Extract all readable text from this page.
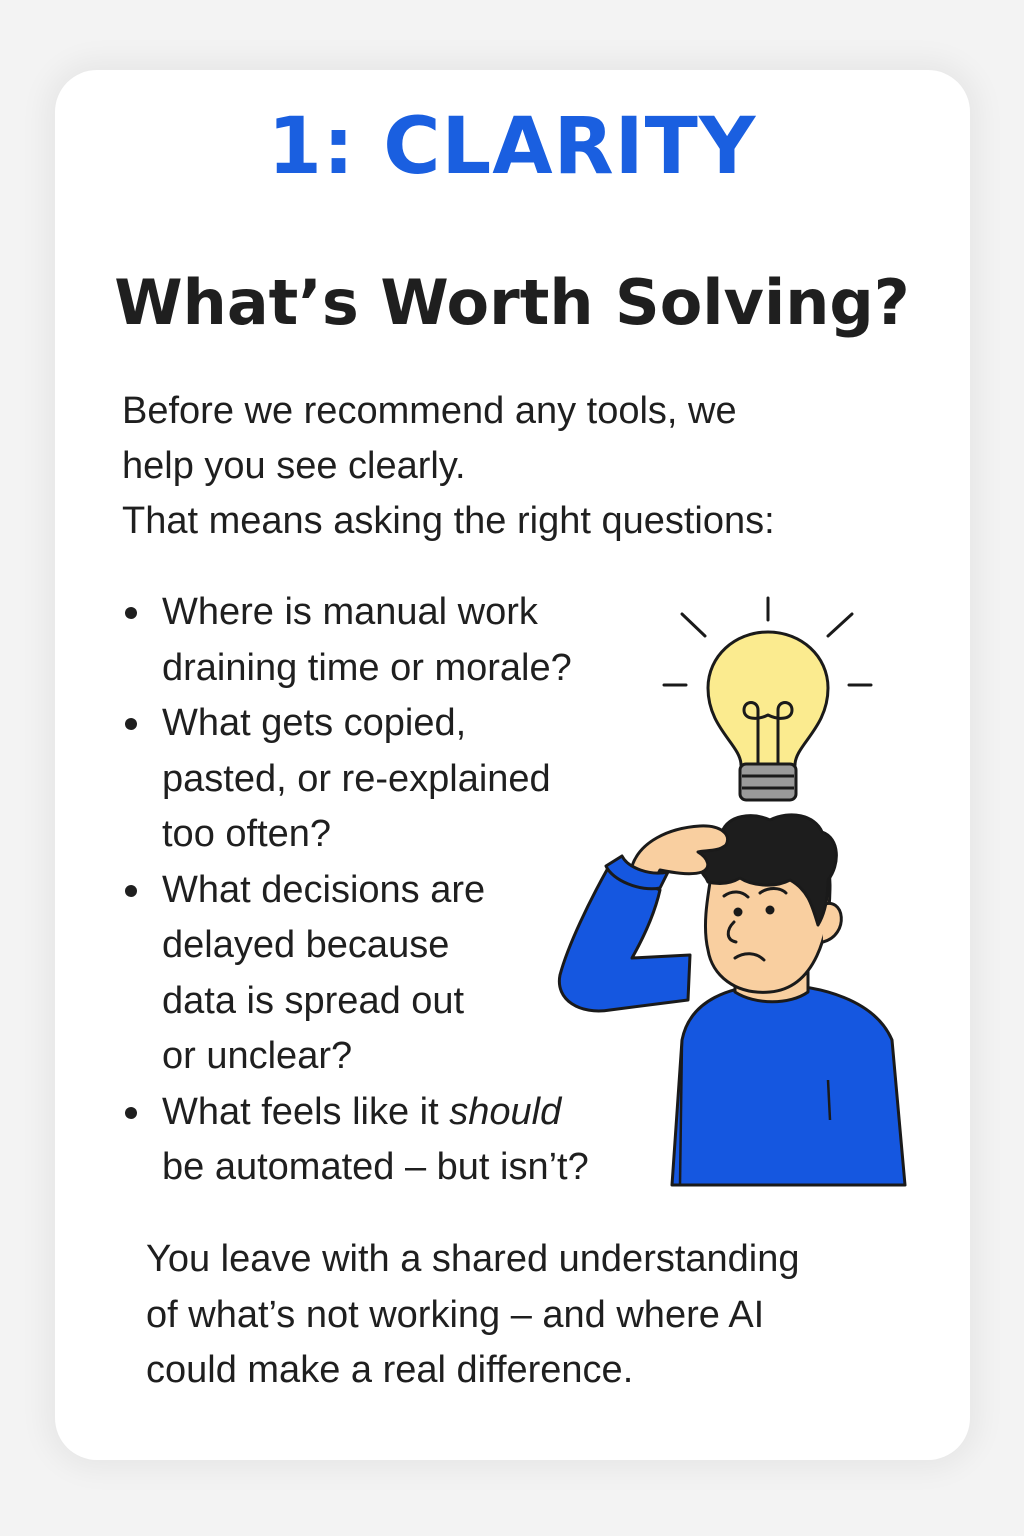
1: CLARITY
What’s Worth Solving?
Before we recommend any tools, we
help you see clearly.
That means asking the right questions:
Where is manual work
draining time or morale?
What gets copied,
pasted, or re-explained
too often?
What decisions are
delayed because
data is spread out
or unclear?
What feels like it should
be automated – but isn’t?
You leave with a shared understanding
of what’s not working – and where AI
could make a real difference.
